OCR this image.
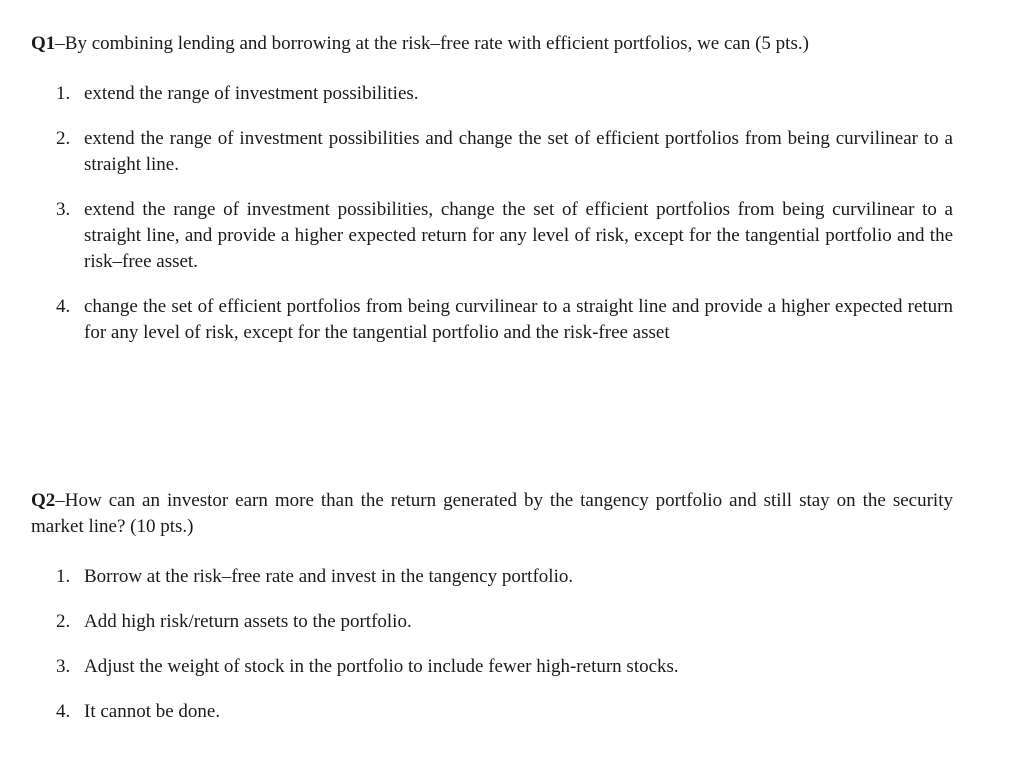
Q1–By combining lending and borrowing at the risk–free rate with efficient portfolios, we can (5 pts.)

1. extend the range of investment possibilities.
2. extend the range of investment possibilities and change the set of efficient portfolios from being curvilinear to a straight line.
3. extend the range of investment possibilities, change the set of efficient portfolios from being curvilinear to a straight line, and provide a higher expected return for any level of risk, except for the tangential portfolio and the risk–free asset.
4. change the set of efficient portfolios from being curvilinear to a straight line and provide a higher expected return for any level of risk, except for the tangential portfolio and the risk-free asset

Q2–How can an investor earn more than the return generated by the tangency portfolio and still stay on the security market line? (10 pts.)

1. Borrow at the risk–free rate and invest in the tangency portfolio.
2. Add high risk/return assets to the portfolio.
3. Adjust the weight of stock in the portfolio to include fewer high-return stocks.
4. It cannot be done.
